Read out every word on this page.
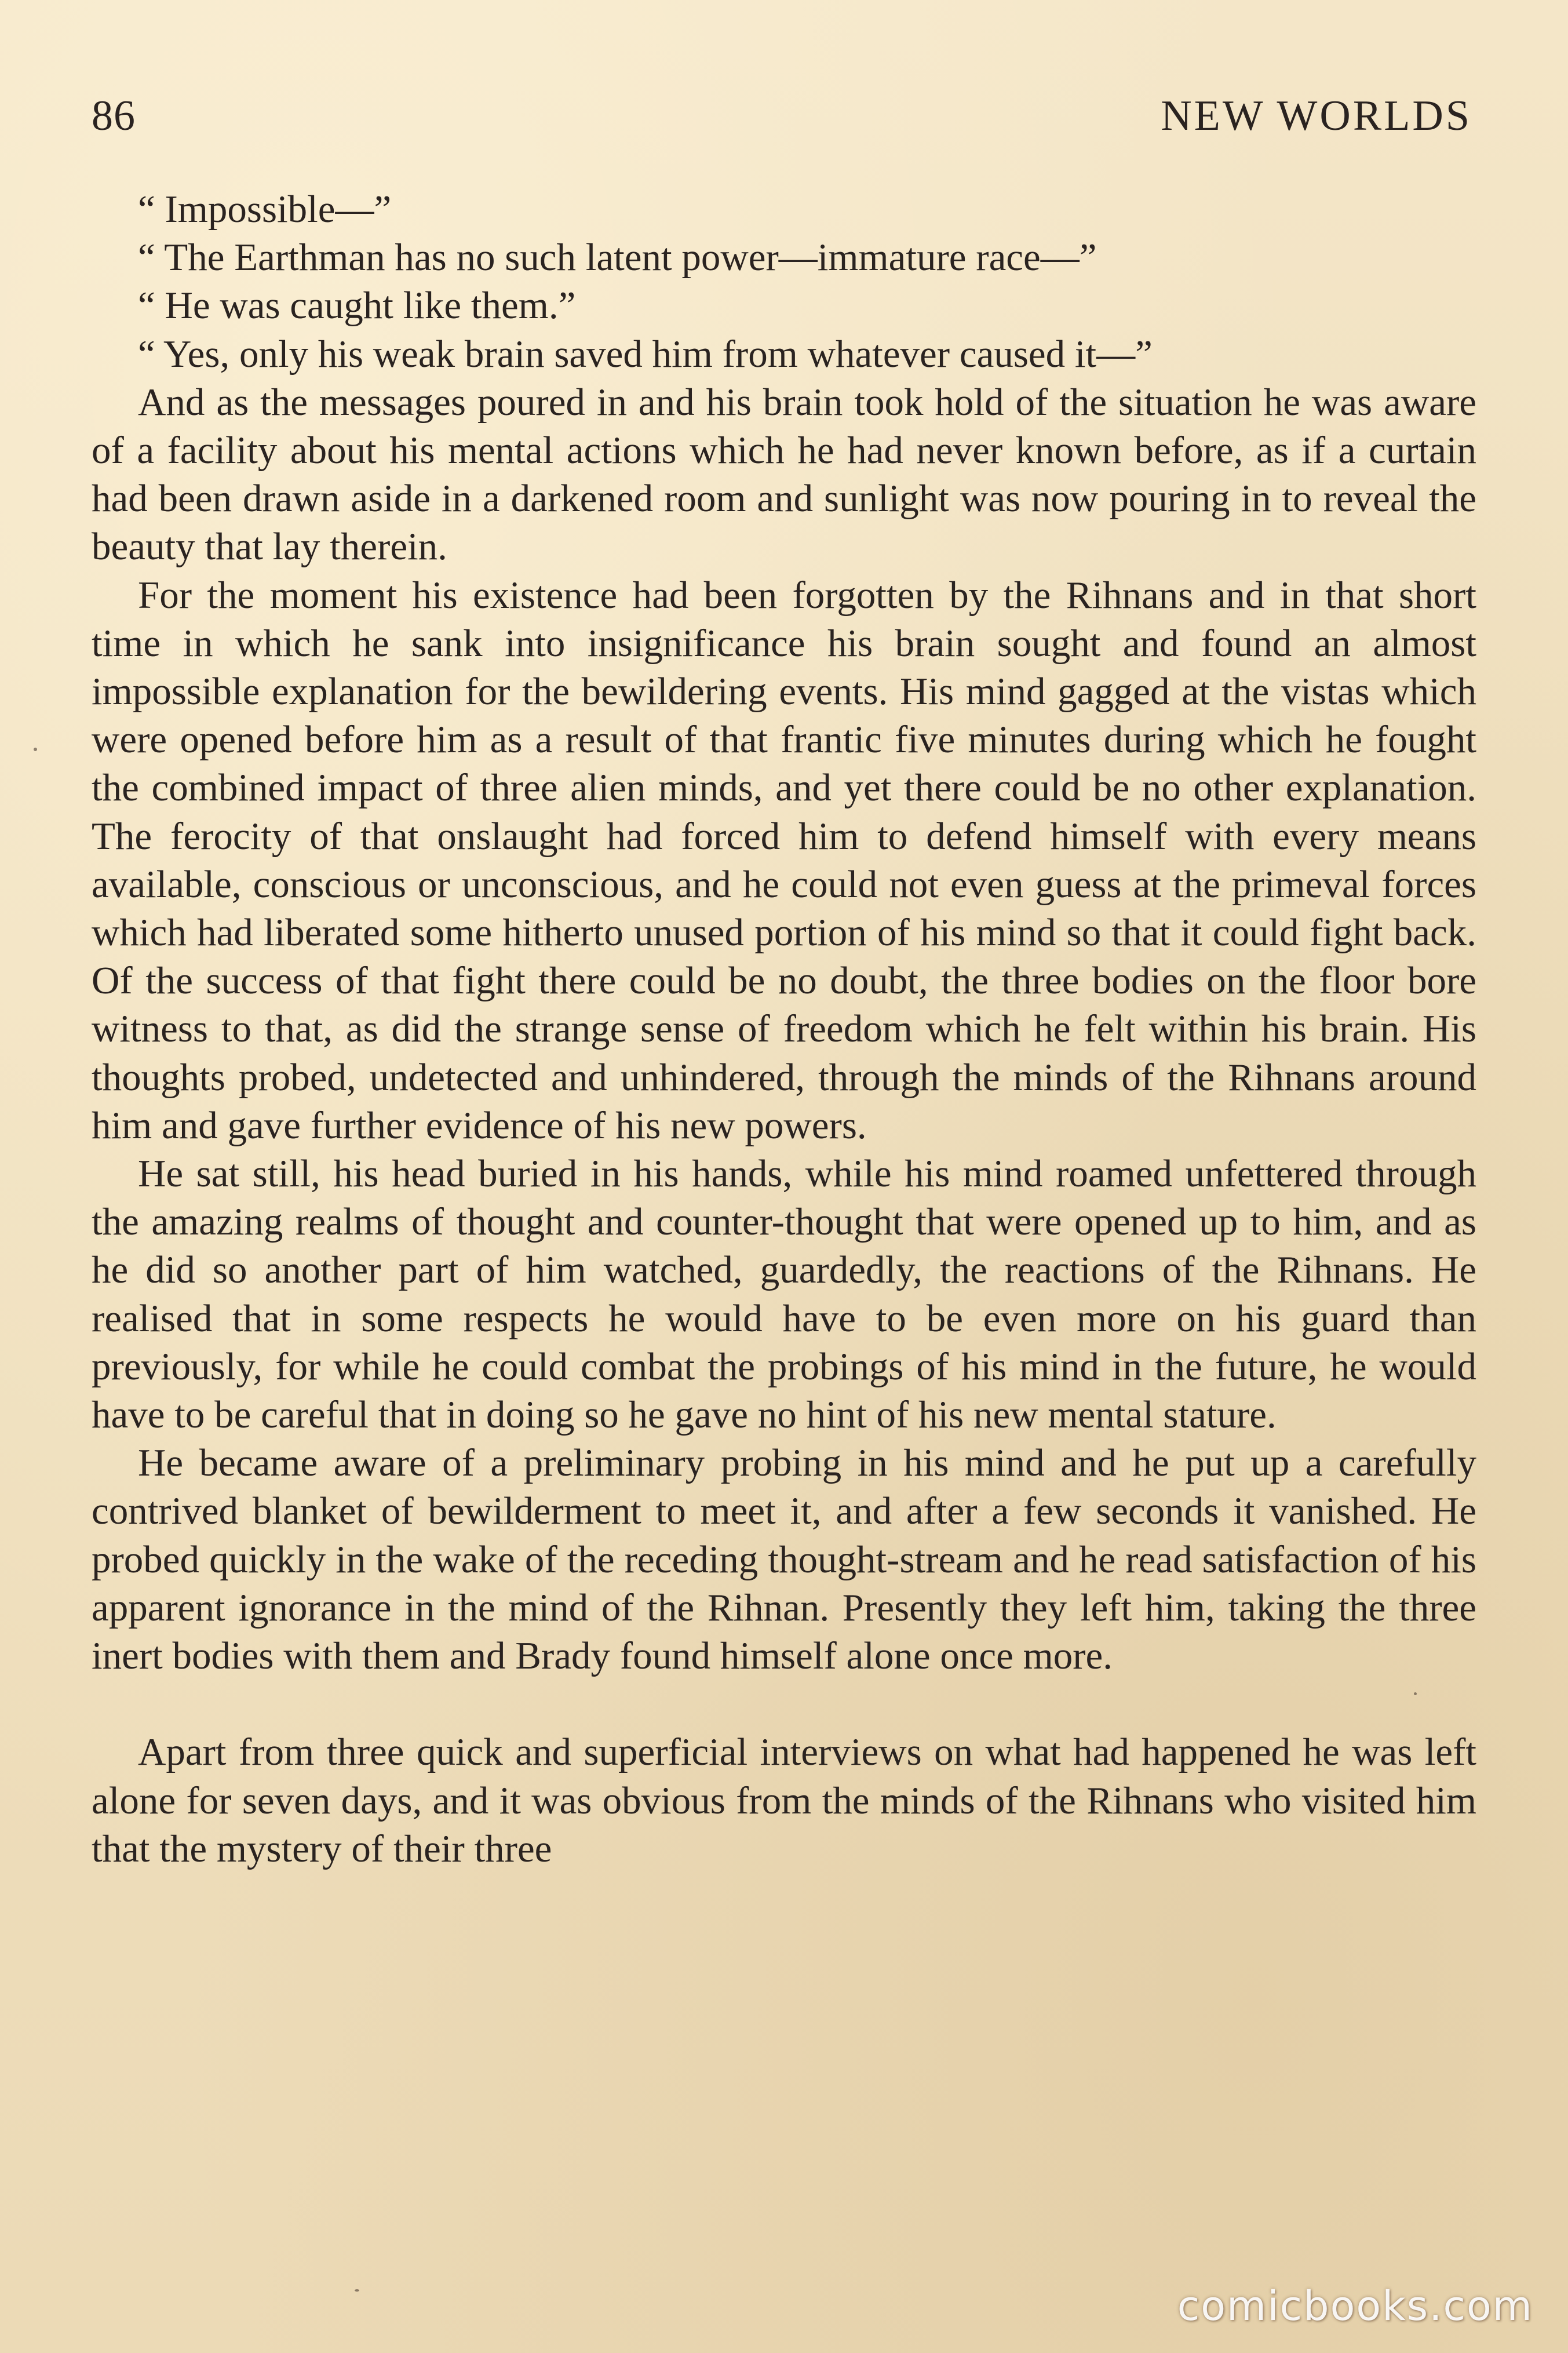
86	NEW WORLDS

“ Impossible—”

“ The Earthman has no such latent power—immature race—”

“ He was caught like them.”

“ Yes, only his weak brain saved him from whatever caused it—”

And as the messages poured in and his brain took hold of the situation he was aware of a facility about his mental actions which he had never known before, as if a curtain had been drawn aside in a darkened room and sunlight was now pouring in to reveal the beauty that lay therein.

For the moment his existence had been forgotten by the Rihnans and in that short time in which he sank into insignificance his brain sought and found an almost impossible explanation for the bewildering events. His mind gagged at the vistas which were opened before him as a result of that frantic five minutes during which he fought the combined impact of three alien minds, and yet there could be no other explanation. The ferocity of that onslaught had forced him to defend himself with every means available, conscious or unconscious, and he could not even guess at the primeval forces which had liberated some hitherto unused portion of his mind so that it could fight back. Of the success of that fight there could be no doubt, the three bodies on the floor bore witness to that, as did the strange sense of freedom which he felt within his brain. His thoughts probed, undetected and unhindered, through the minds of the Rihnans around him and gave further evidence of his new powers.

He sat still, his head buried in his hands, while his mind roamed unfettered through the amazing realms of thought and counter-thought that were opened up to him, and as he did so another part of him watched, guardedly, the reactions of the Rihnans. He realised that in some respects he would have to be even more on his guard than previously, for while he could combat the probings of his mind in the future, he would have to be careful that in doing so he gave no hint of his new mental stature.

He became aware of a preliminary probing in his mind and he put up a carefully contrived blanket of bewilderment to meet it, and after a few seconds it vanished. He probed quickly in the wake of the receding thought-stream and he read satisfaction of his apparent ignorance in the mind of the Rihnan. Presently they left him, taking the three inert bodies with them and Brady found himself alone once more.

Apart from three quick and superficial interviews on what had happened he was left alone for seven days, and it was obvious from the minds of the Rihnans who visited him that the mystery of their three

comicbooks.com
